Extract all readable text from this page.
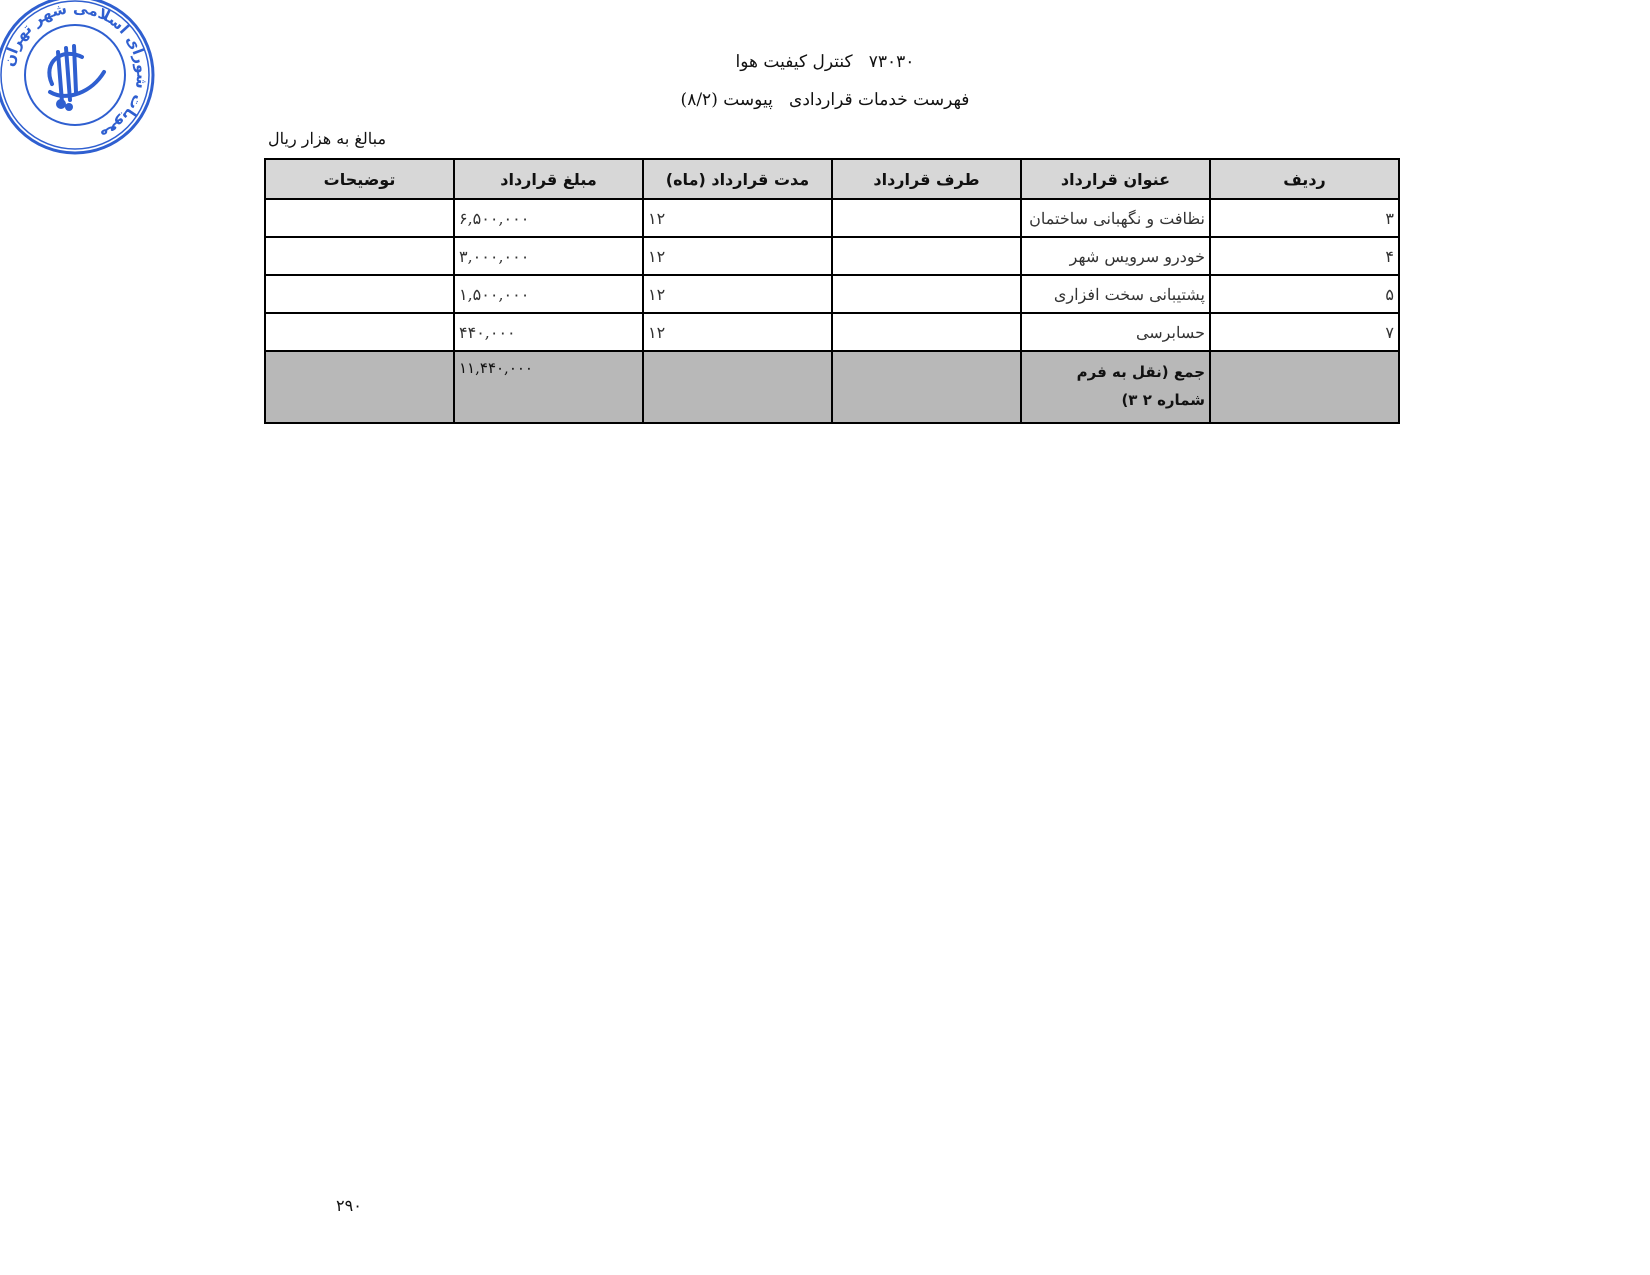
معوبات شورای اسلامی شهر تهران
۷۳۰۳۰   کنترل کیفیت هوا
فهرست خدمات قراردادی   پیوست (۸/۲)
مبالغ به هزار ریال
ردیف	عنوان قرارداد	طرف قرارداد	مدت قرارداد (ماه)	مبلغ قرارداد	توضیحات
۳	نظافت و نگهبانی ساختمان		۱۲	۶,۵۰۰,۰۰۰	
۴	خودرو سرویس شهر		۱۲	۳,۰۰۰,۰۰۰	
۵	پشتیبانی سخت افزاری		۱۲	۱,۵۰۰,۰۰۰	
۷	حسابرسی		۱۲	۴۴۰,۰۰۰	
	جمع (نقل به فرم شماره ۲ ۳)			۱۱,۴۴۰,۰۰۰	
۲۹۰
